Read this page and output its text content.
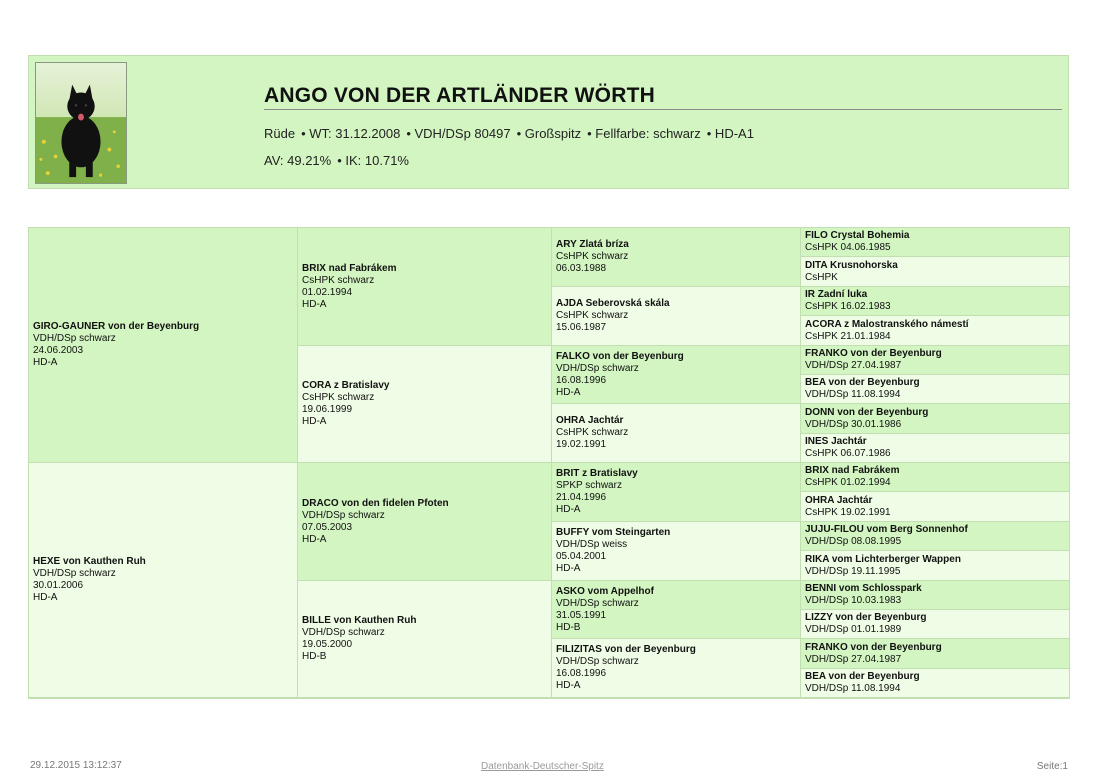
ANGO VON DER ARTLÄNDER WÖRTH
Rüde • WT: 31.12.2008 • VDH/DSp 80497 • Großspitz • Fellfarbe: schwarz • HD-A1
AV: 49.21% • IK: 10.71%
GIRO-GAUNER von der Beyenburg
VDH/DSp schwarz
24.06.2003
HD-A
HEXE von Kauthen Ruh
VDH/DSp schwarz
30.01.2006
HD-A
BRIX nad Fabrákem
CsHPK schwarz
01.02.1994
HD-A
CORA z Bratislavy
CsHPK schwarz
19.06.1999
HD-A
DRACO von den fidelen Pfoten
VDH/DSp schwarz
07.05.2003
HD-A
BILLE von Kauthen Ruh
VDH/DSp schwarz
19.05.2000
HD-B
ARY Zlatá bríza
CsHPK schwarz
06.03.1988
AJDA Seberovská skála
CsHPK schwarz
15.06.1987
FALKO von der Beyenburg
VDH/DSp schwarz
16.08.1996
HD-A
OHRA Jachtár
CsHPK schwarz
19.02.1991
BRIT z Bratislavy
SPKP schwarz
21.04.1996
HD-A
BUFFY vom Steingarten
VDH/DSp weiss
05.04.2001
HD-A
ASKO vom Appelhof
VDH/DSp schwarz
31.05.1991
HD-B
FILIZITAS von der Beyenburg
VDH/DSp schwarz
16.08.1996
HD-A
FILO Crystal Bohemia
CsHPK 04.06.1985
DITA Krusnohorska
CsHPK
IR Zadní luka
CsHPK 16.02.1983
ACORA z Malostranského námestí
CsHPK 21.01.1984
FRANKO von der Beyenburg
VDH/DSp 27.04.1987
BEA von der Beyenburg
VDH/DSp 11.08.1994
DONN von der Beyenburg
VDH/DSp 30.01.1986
INES Jachtár
CsHPK 06.07.1986
BRIX nad Fabrákem
CsHPK 01.02.1994
OHRA Jachtár
CsHPK 19.02.1991
JUJU-FILOU vom Berg Sonnenhof
VDH/DSp 08.08.1995
RIKA vom Lichterberger Wappen
VDH/DSp 19.11.1995
BENNI vom Schlosspark
VDH/DSp 10.03.1983
LIZZY von der Beyenburg
VDH/DSp 01.01.1989
FRANKO von der Beyenburg
VDH/DSp 27.04.1987
BEA von der Beyenburg
VDH/DSp 11.08.1994
29.12.2015 13:12:37	Datenbank-Deutscher-Spitz	Seite:1
